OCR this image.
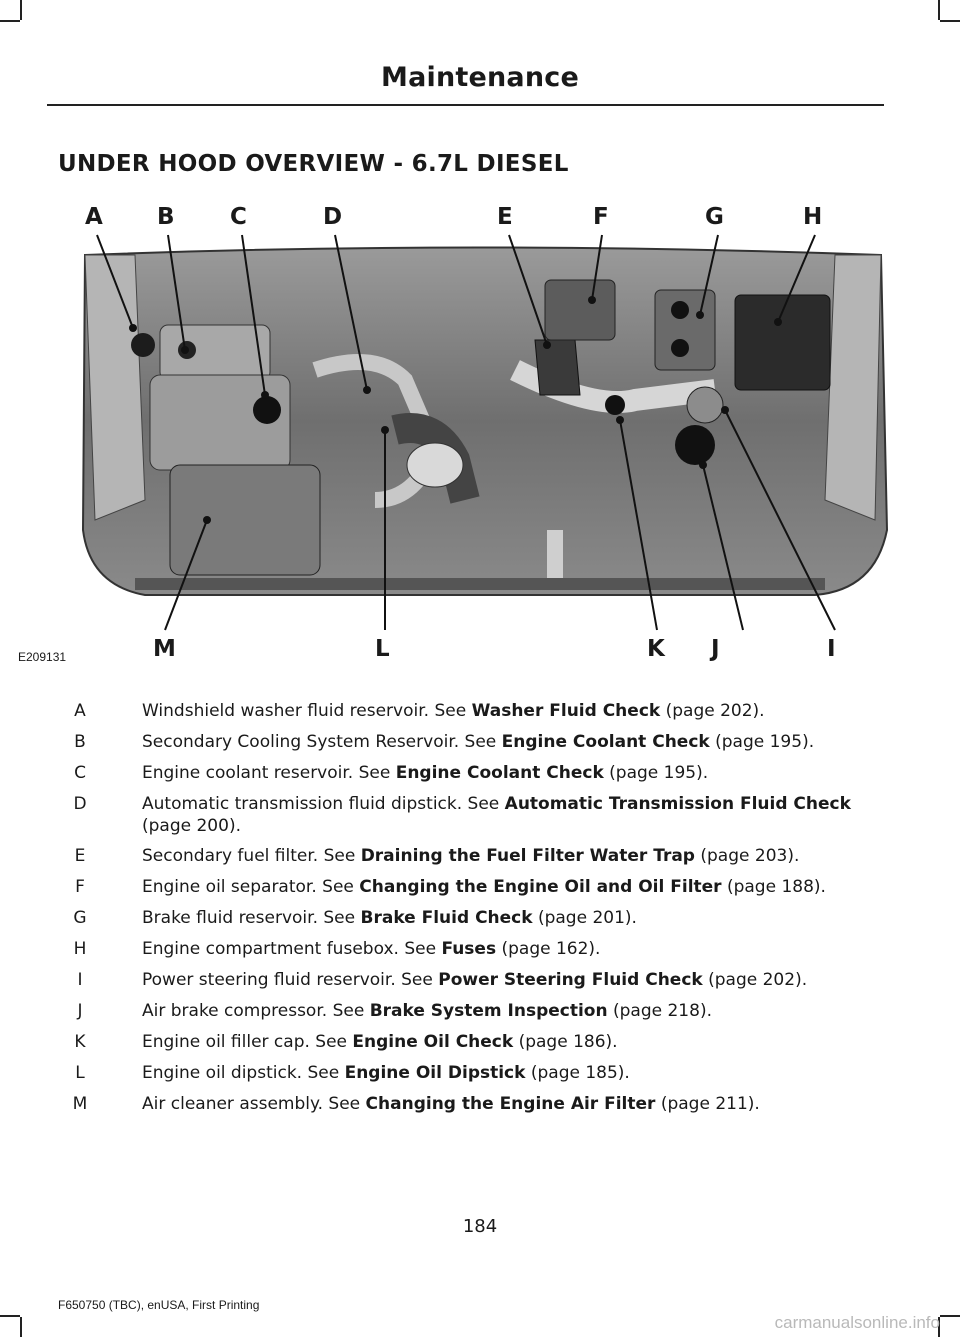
Maintenance
UNDER HOOD OVERVIEW - 6.7L DIESEL
A B C	D	E	F	G	H
M	L	K J	I
E209131
A	Windshield washer fluid reservoir. See Washer Fluid Check (page 202).
B	Secondary Cooling System Reservoir. See Engine Coolant Check (page 195).
C	Engine coolant reservoir. See Engine Coolant Check (page 195).
D	Automatic transmission fluid dipstick. See Automatic Transmission Fluid Check (page 200).
E	Secondary fuel filter. See Draining the Fuel Filter Water Trap (page 203).
F	Engine oil separator. See Changing the Engine Oil and Oil Filter (page 188).
G	Brake fluid reservoir. See Brake Fluid Check (page 201).
H	Engine compartment fusebox. See Fuses (page 162).
I	Power steering fluid reservoir. See Power Steering Fluid Check (page 202).
J	Air brake compressor. See Brake System Inspection (page 218).
K	Engine oil filler cap. See Engine Oil Check (page 186).
L	Engine oil dipstick. See Engine Oil Dipstick (page 185).
M	Air cleaner assembly. See Changing the Engine Air Filter (page 211).
184
F650750 (TBC), enUSA, First Printing
carmanualsonline.info
